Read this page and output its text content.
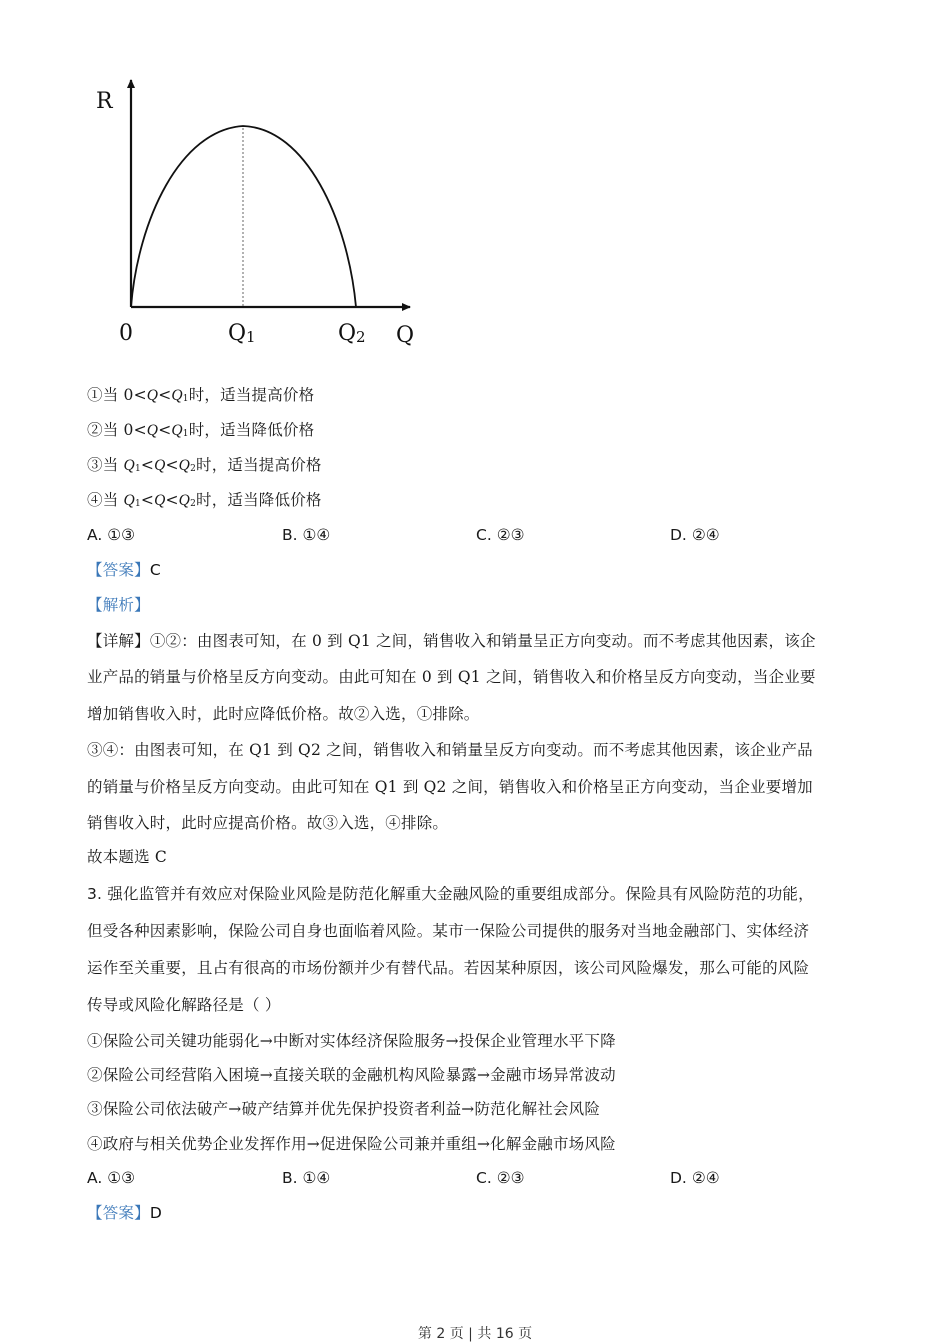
R
0	Q1	Q2 Q
①当 $0<Q<Q_1$时，适当提高价格
②当 $0<Q<Q_1$时，适当降低价格
③当 $Q_1<Q<Q_2$时，适当提高价格
④当 $Q_1<Q<Q_2$时，适当降低价格
A. ①③	B. ①④	C. ②③	D. ②④
【答案】C
【解析】
【详解】①②：由图表可知，在 0 到 Q1 之间，销售收入和销量呈正方向变动。而不考虑其他因素，该企
业产品的销量与价格呈反方向变动。由此可知在 0 到 Q1 之间，销售收入和价格呈反方向变动，当企业要
增加销售收入时，此时应降低价格。故②入选，①排除。
③④：由图表可知，在 Q1 到 Q2 之间，销售收入和销量呈反方向变动。而不考虑其他因素，该企业产品
的销量与价格呈反方向变动。由此可知在 Q1 到 Q2 之间，销售收入和价格呈正方向变动，当企业要增加
销售收入时，此时应提高价格。故③入选，④排除。
故本题选 C
3. 强化监管并有效应对保险业风险是防范化解重大金融风险的重要组成部分。保险具有风险防范的功能，
但受各种因素影响，保险公司自身也面临着风险。某市一保险公司提供的服务对当地金融部门、实体经济
运作至关重要，且占有很高的市场份额并少有替代品。若因某种原因，该公司风险爆发，那么可能的风险
传导或风险化解路径是（ ）
①保险公司关键功能弱化→中断对实体经济保险服务→投保企业管理水平下降
②保险公司经营陷入困境→直接关联的金融机构风险暴露→金融市场异常波动
③保险公司依法破产→破产结算并优先保护投资者利益→防范化解社会风险
④政府与相关优势企业发挥作用→促进保险公司兼并重组→化解金融市场风险
A. ①③	B. ①④	C. ②③	D. ②④
【答案】D
第 2 页 | 共 16 页
